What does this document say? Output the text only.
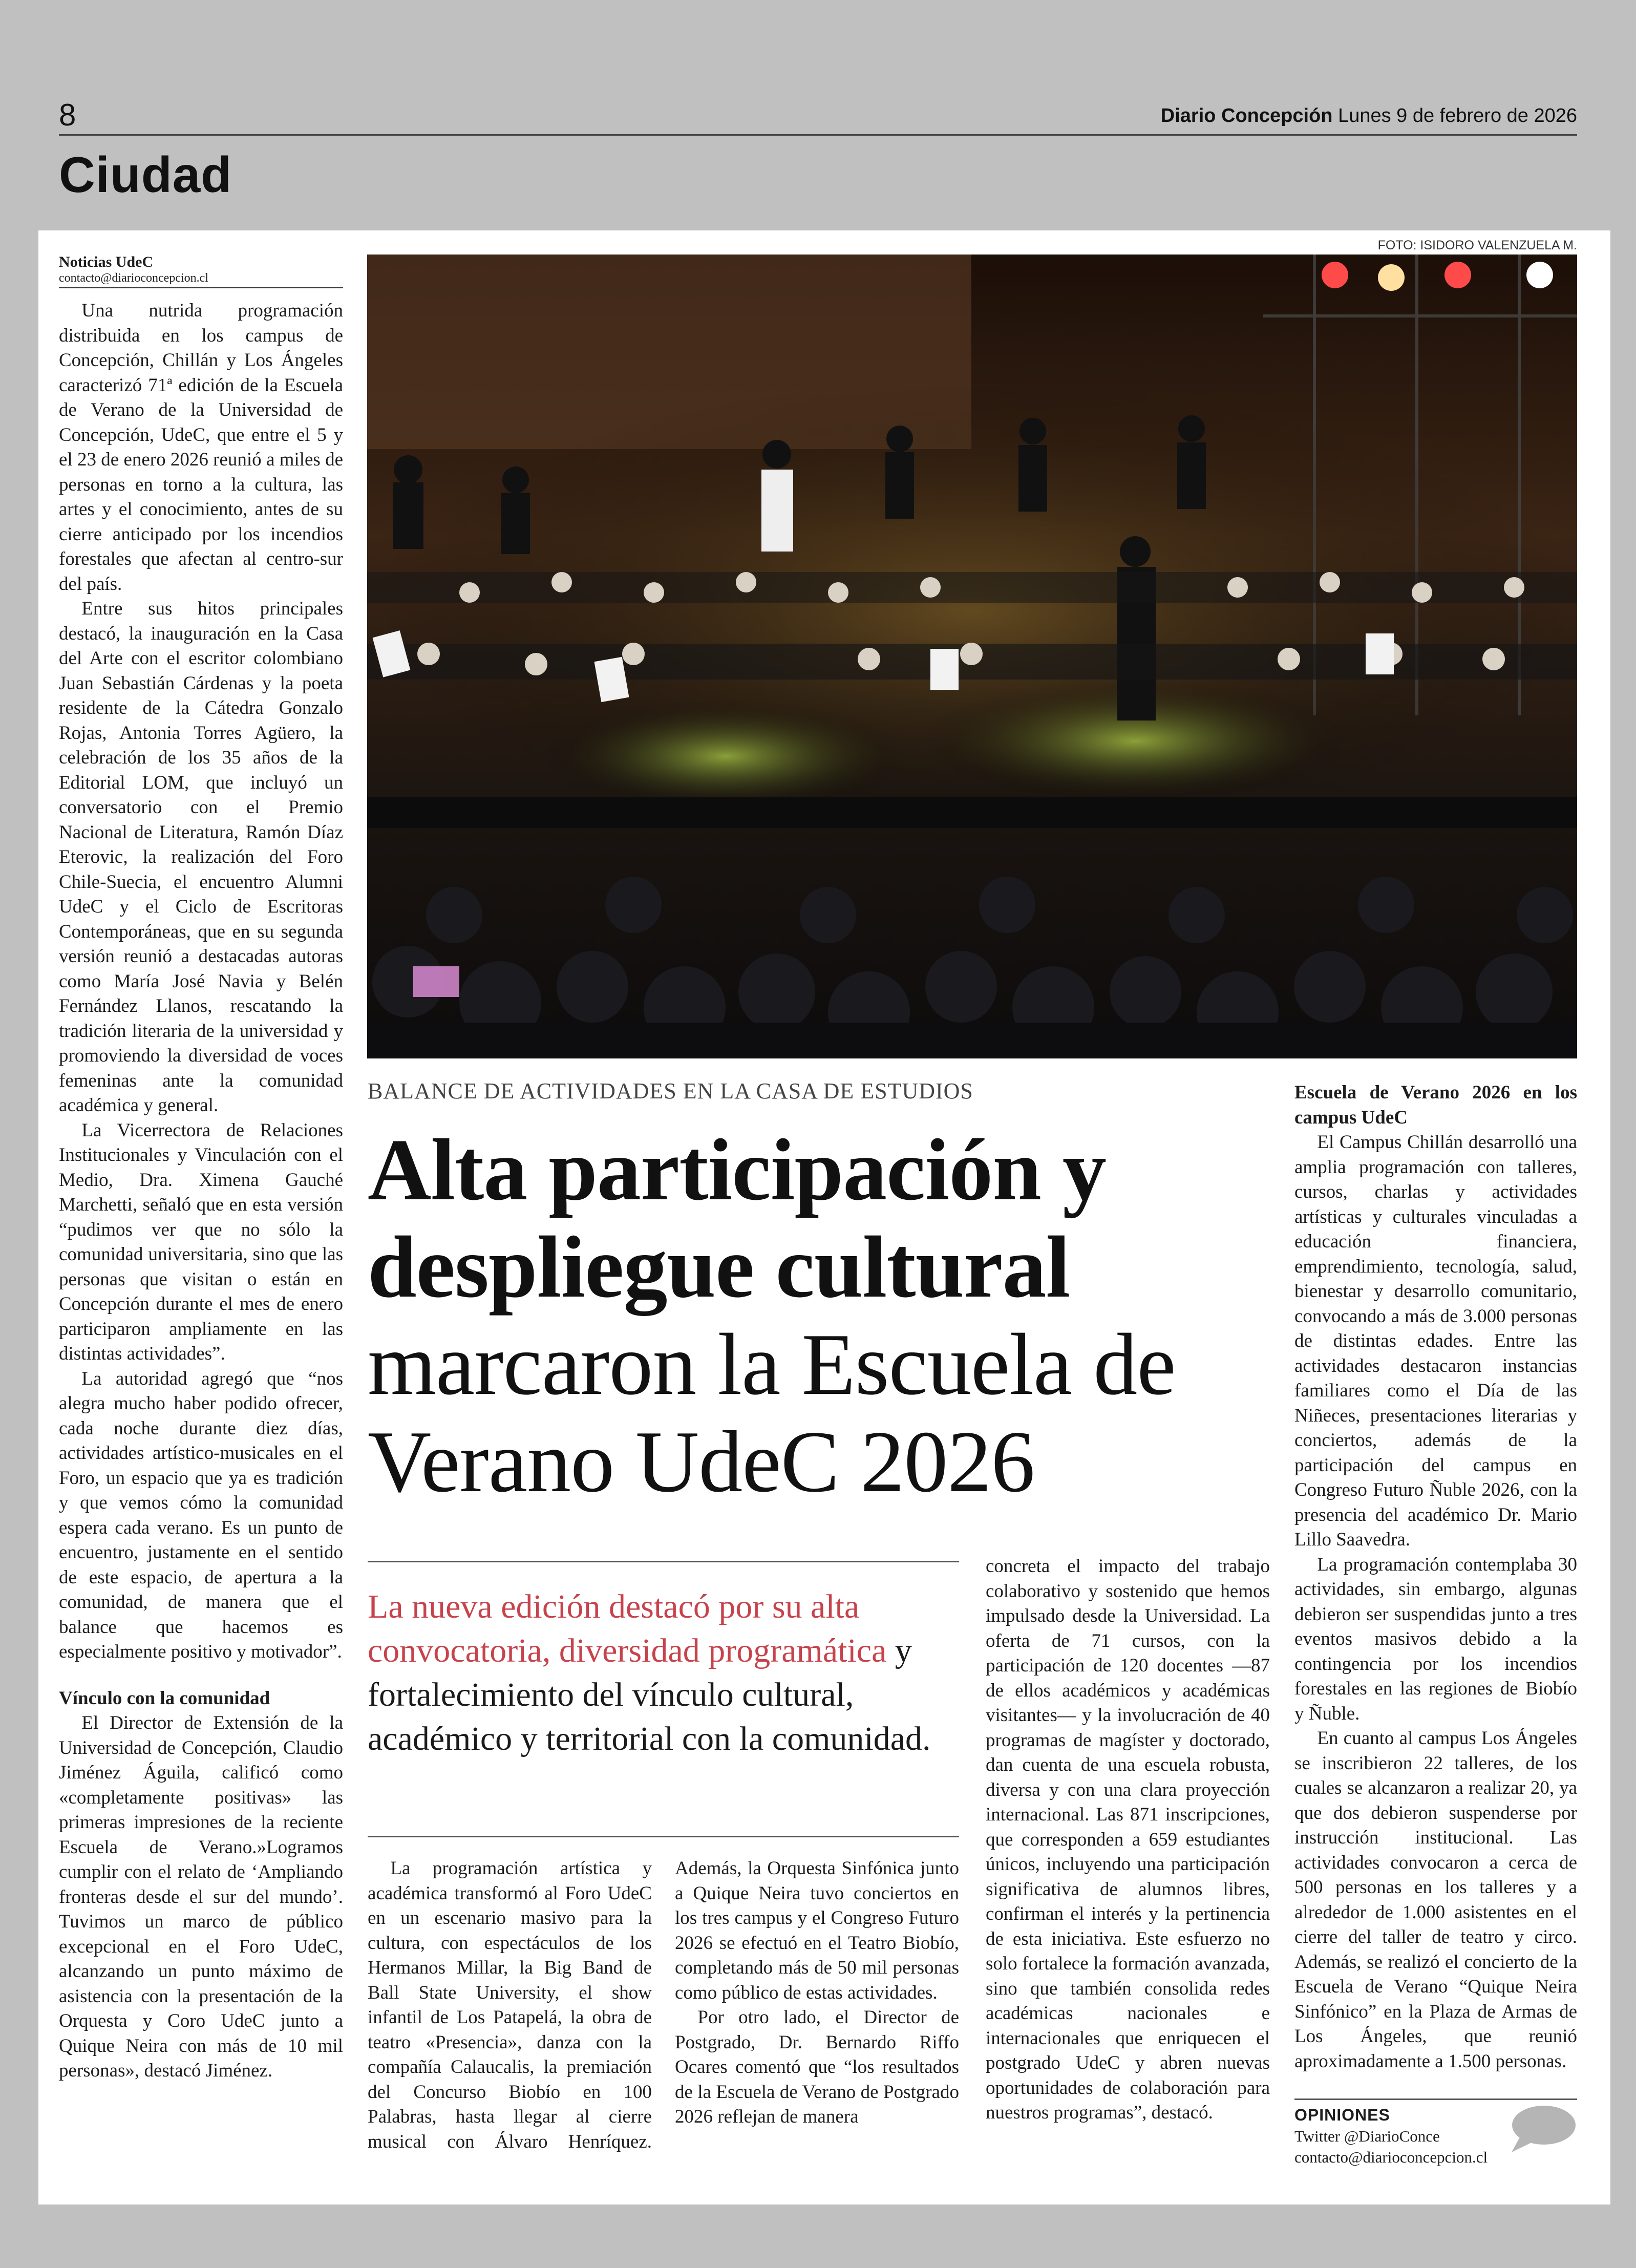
8	Diario Concepción Lunes 9 de febrero de 2026
Ciudad
Noticias UdeC
contacto@diarioconcepcion.cl

Una nutrida programación distribuida en los campus de Concepción, Chillán y Los Ángeles caracterizó 71ª edición de la Escuela de Verano de la Universidad de Concepción, UdeC, que entre el 5 y el 23 de enero 2026 reunió a miles de personas en torno a la cultura, las artes y el conocimiento, antes de su cierre anticipado por los incendios forestales que afectan al centro-sur del país.

Entre sus hitos principales destacó, la inauguración en la Casa del Arte con el escritor colombiano Juan Sebastián Cárdenas y la poeta residente de la Cátedra Gonzalo Rojas, Antonia Torres Agüero, la celebración de los 35 años de la Editorial LOM, que incluyó un conversatorio con el Premio Nacional de Literatura, Ramón Díaz Eterovic, la realización del Foro Chile-Suecia, el encuentro Alumni UdeC y el Ciclo de Escritoras Contemporáneas, que en su segunda versión reunió a destacadas autoras como María José Navia y Belén Fernández Llanos, rescatando la tradición literaria de la universidad y promoviendo la diversidad de voces femeninas ante la comunidad académica y general.

La Vicerrectora de Relaciones Institucionales y Vinculación con el Medio, Dra. Ximena Gauché Marchetti, señaló que en esta versión “pudimos ver que no sólo la comunidad universitaria, sino que las personas que visitan o están en Concepción durante el mes de enero participaron ampliamente en las distintas actividades”.

La autoridad agregó que “nos alegra mucho haber podido ofrecer, cada noche durante diez días, actividades artístico-musicales en el Foro, un espacio que ya es tradición y que vemos cómo la comunidad espera cada verano. Es un punto de encuentro, justamente en el sentido de este espacio, de apertura a la comunidad, de manera que el balance que hacemos es especialmente positivo y motivador”.

Vínculo con la comunidad

El Director de Extensión de la Universidad de Concepción, Claudio Jiménez Águila, calificó como «completamente positivas» las primeras impresiones de la reciente Escuela de Verano.»Logramos cumplir con el relato de ‘Ampliando fronteras desde el sur del mundo’. Tuvimos un marco de público excepcional en el Foro UdeC, alcanzando un punto máximo de asistencia con la presentación de la Orquesta y Coro UdeC junto a Quique Neira con más de 10 mil personas», destacó Jiménez.

FOTO: ISIDORO VALENZUELA M.
BALANCE DE ACTIVIDADES EN LA CASA DE ESTUDIOS
Alta participación y despliegue cultural
marcaron la Escuela de Verano UdeC 2026
La nueva edición destacó por su alta convocatoria, diversidad programática y fortalecimiento del vínculo cultural, académico y territorial con la comunidad.

La programación artística y académica transformó al Foro UdeC en un escenario masivo para la cultura, con espectáculos de los Hermanos Millar, la Big Band de Ball State University, el show infantil de Los Patapelá, la obra de teatro «Presencia», danza con la compañía Calaucalis, la premiación del Concurso Biobío en 100 Palabras, hasta llegar al cierre musical con Álvaro Henríquez. Además, la Orquesta Sinfónica junto a Quique Neira tuvo conciertos en los tres campus y el Congreso Futuro 2026 se efectuó en el Teatro Biobío, completando más de 50 mil personas como público de estas actividades.

Por otro lado, el Director de Postgrado, Dr. Bernardo Riffo Ocares comentó que “los resultados de la Escuela de Verano de Postgrado 2026 reflejan de manera

concreta el impacto del trabajo colaborativo y sostenido que hemos impulsado desde la Universidad. La oferta de 71 cursos, con la participación de 120 docentes —87 de ellos académicos y académicas visitantes— y la involucración de 40 programas de magíster y doctorado, dan cuenta de una escuela robusta, diversa y con una clara proyección internacional. Las 871 inscripciones, que corresponden a 659 estudiantes únicos, incluyendo una participación significativa de alumnos libres, confirman el interés y la pertinencia de esta iniciativa. Este esfuerzo no solo fortalece la formación avanzada, sino que también consolida redes académicas nacionales e internacionales que enriquecen el postgrado UdeC y abren nuevas oportunidades de colaboración para nuestros programas”, destacó.

Escuela de Verano 2026 en los campus UdeC

El Campus Chillán desarrolló una amplia programación con talleres, cursos, charlas y actividades artísticas y culturales vinculadas a educación financiera, emprendimiento, tecnología, salud, bienestar y desarrollo comunitario, convocando a más de 3.000 personas de distintas edades. Entre las actividades destacaron instancias familiares como el Día de las Niñeces, presentaciones literarias y conciertos, además de la participación del campus en Congreso Futuro Ñuble 2026, con la presencia del académico Dr. Mario Lillo Saavedra.

La programación contemplaba 30 actividades, sin embargo, algunas debieron ser suspendidas junto a tres eventos masivos debido a la contingencia por los incendios forestales en las regiones de Biobío y Ñuble.

En cuanto al campus Los Ángeles se inscribieron 22 talleres, de los cuales se alcanzaron a realizar 20, ya que dos debieron suspenderse por instrucción institucional. Las actividades convocaron a cerca de 500 personas en los talleres y a alrededor de 1.000 asistentes en el cierre del taller de teatro y circo. Además, se realizó el concierto de la Escuela de Verano “Quique Neira Sinfónico” en la Plaza de Armas de Los Ángeles, que reunió aproximadamente a 1.500 personas.

OPINIONES
Twitter @DiarioConce
contacto@diarioconcepcion.cl
